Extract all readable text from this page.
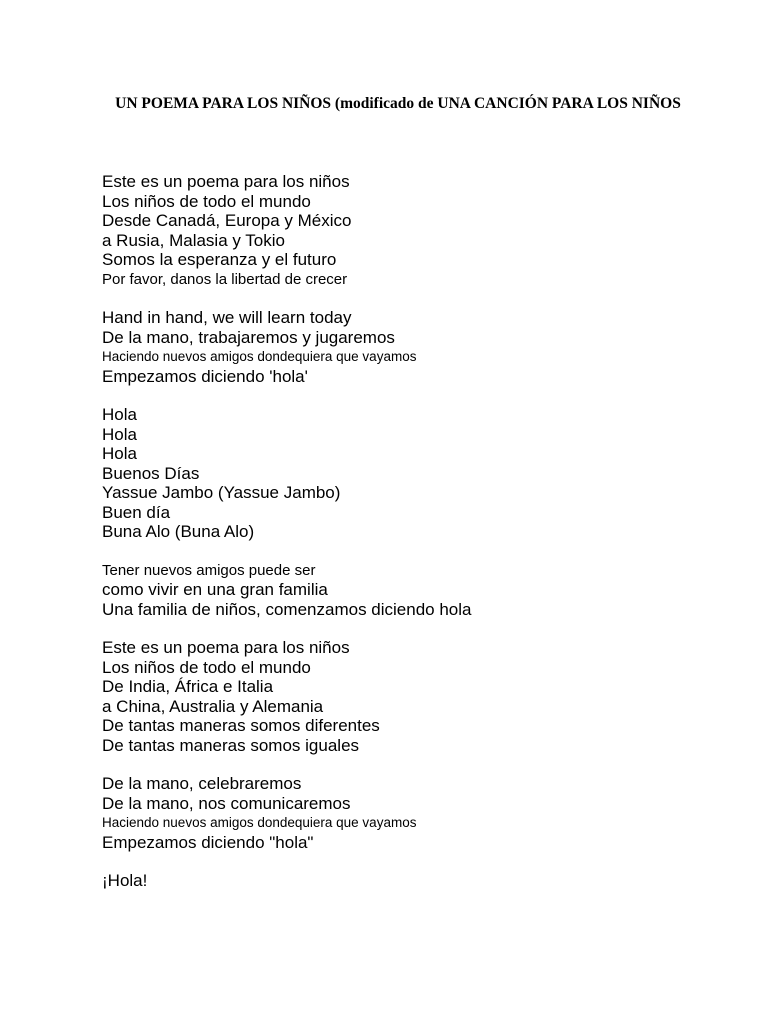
UN POEMA PARA LOS NIÑOS (modificado de UNA CANCIÓN PARA LOS NIÑOS
Este es un poema para los niños
Los niños de todo el mundo
Desde Canadá, Europa y México
a Rusia, Malasia y Tokio
Somos la esperanza y el futuro
Por favor, danos la libertad de crecer
Hand in hand, we will learn today
De la mano, trabajaremos y jugaremos
Haciendo nuevos amigos dondequiera que vayamos
Empezamos diciendo 'hola'
Hola
Hola
Hola
Buenos Días
Yassue Jambo (Yassue Jambo)
Buen día
Buna Alo (Buna Alo)
Tener nuevos amigos puede ser
como vivir en una gran familia
Una familia de niños, comenzamos diciendo hola
Este es un poema para los niños
Los niños de todo el mundo
De India, África e Italia
a China, Australia y Alemania
De tantas maneras somos diferentes
De tantas maneras somos iguales
De la mano, celebraremos
De la mano, nos comunicaremos
Haciendo nuevos amigos dondequiera que vayamos
Empezamos diciendo "hola"
¡Hola!
